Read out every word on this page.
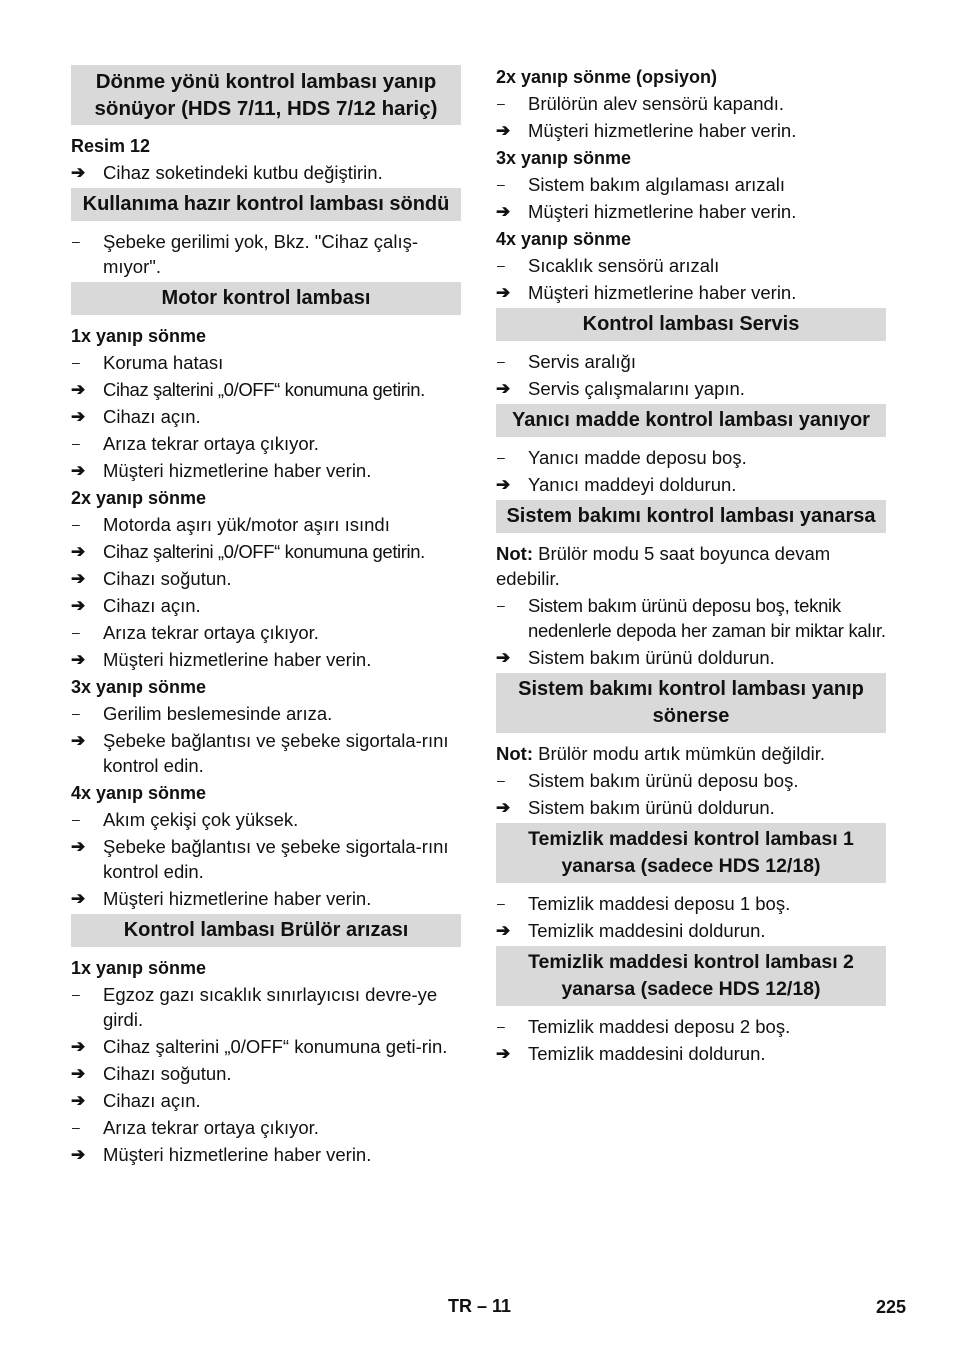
Dönme yönü kontrol lambası yanıp sönüyor (HDS 7/11, HDS 7/12 hariç)
Resim 12
➔ Cihaz soketindeki kutbu değiştirin.
Kullanıma hazır kontrol lambası söndü
–	Şebeke gerilimi yok, Bkz. "Cihaz çalış-mıyor".
Motor kontrol lambası
1x yanıp sönme
–	Koruma hatası
➔ Cihaz şalterini „0/OFF“ konumuna getirin.
➔ Cihazı açın.
–	Arıza tekrar ortaya çıkıyor.
➔ Müşteri hizmetlerine haber verin.
2x yanıp sönme
–	Motorda aşırı yük/motor aşırı ısındı
➔ Cihaz şalterini „0/OFF“ konumuna getirin.
➔ Cihazı soğutun.
➔ Cihazı açın.
–	Arıza tekrar ortaya çıkıyor.
➔ Müşteri hizmetlerine haber verin.
3x yanıp sönme
–	Gerilim beslemesinde arıza.
➔ Şebeke bağlantısı ve şebeke sigortala-rını kontrol edin.
4x yanıp sönme
–	Akım çekişi çok yüksek.
➔ Şebeke bağlantısı ve şebeke sigortala-rını kontrol edin.
➔ Müşteri hizmetlerine haber verin.
Kontrol lambası Brülör arızası
1x yanıp sönme
–	Egzoz gazı sıcaklık sınırlayıcısı devre-ye girdi.
➔ Cihaz şalterini „0/OFF“ konumuna geti-rin.
➔ Cihazı soğutun.
➔ Cihazı açın.
–	Arıza tekrar ortaya çıkıyor.
➔ Müşteri hizmetlerine haber verin.
2x yanıp sönme (opsiyon)
–	Brülörün alev sensörü kapandı.
➔ Müşteri hizmetlerine haber verin.
3x yanıp sönme
–	Sistem bakım algılaması arızalı
➔ Müşteri hizmetlerine haber verin.
4x yanıp sönme
–	Sıcaklık sensörü arızalı
➔ Müşteri hizmetlerine haber verin.
Kontrol lambası Servis
–	Servis aralığı
➔ Servis çalışmalarını yapın.
Yanıcı madde kontrol lambası yanıyor
–	Yanıcı madde deposu boş.
➔ Yanıcı maddeyi doldurun.
Sistem bakımı kontrol lambası yanarsa
Not: Brülör modu 5 saat boyunca devam edebilir.
–	Sistem bakım ürünü deposu boş, teknik nedenlerle depoda her zaman bir miktar kalır.
➔ Sistem bakım ürünü doldurun.
Sistem bakımı kontrol lambası yanıp sönerse
Not: Brülör modu artık mümkün değildir.
–	Sistem bakım ürünü deposu boş.
➔ Sistem bakım ürünü doldurun.
Temizlik maddesi kontrol lambası 1 yanarsa (sadece HDS 12/18)
–	Temizlik maddesi deposu 1 boş.
➔ Temizlik maddesini doldurun.
Temizlik maddesi kontrol lambası 2 yanarsa (sadece HDS 12/18)
–	Temizlik maddesi deposu 2 boş.
➔ Temizlik maddesini doldurun.
TR – 11	225
